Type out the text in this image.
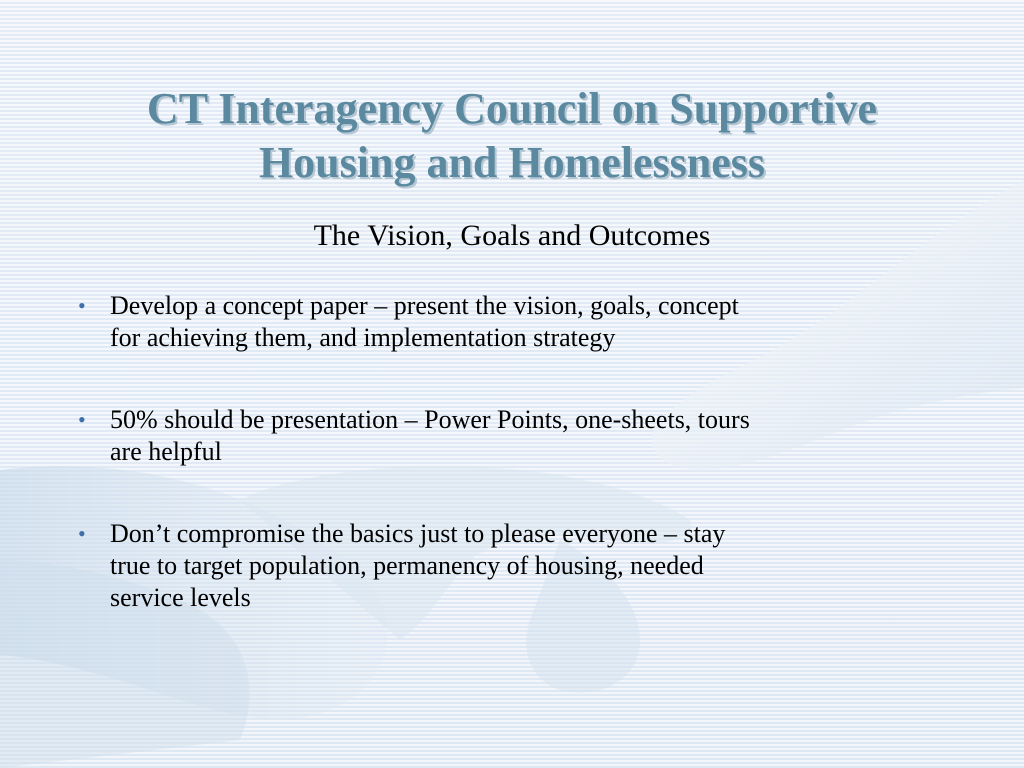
CT Interagency Council on Supportive
Housing and Homelessness
The Vision, Goals and Outcomes
• Develop a concept paper – present the vision, goals, concept
for achieving them, and implementation strategy
• 50% should be presentation – Power Points, one-sheets, tours
are helpful
• Don’t compromise the basics just to please everyone – stay
true to target population, permanency of housing, needed
service levels
